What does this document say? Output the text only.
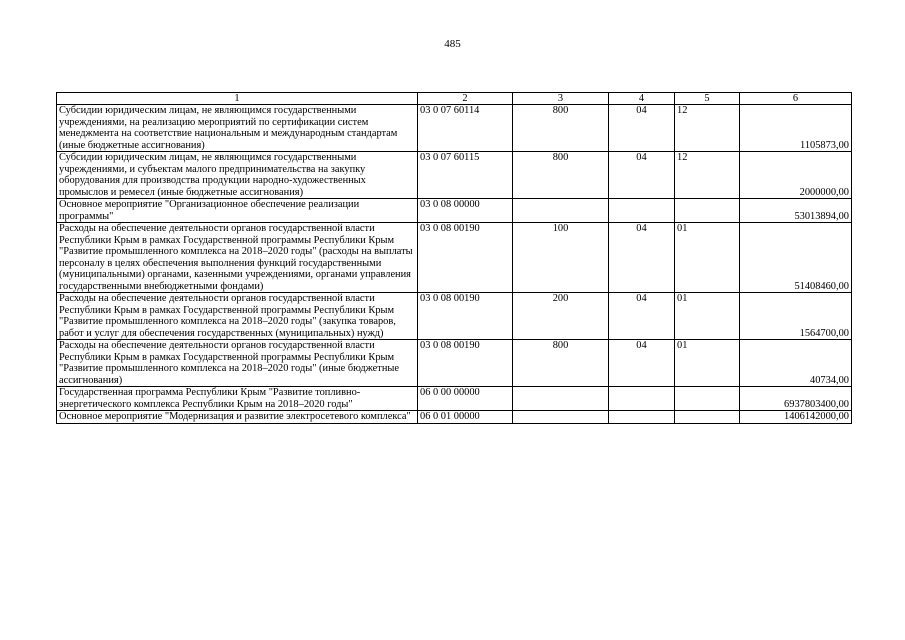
485
1	2	3	4	5	6
Субсидии юридическим лицам, не являющимся государственными учреждениями, на реализацию мероприятий по сертификации систем менеджмента на соответствие национальным и международным стандартам (иные бюджетные ассигнования)	03 0 07 60114	800	04	12	1105873,00
Субсидии юридическим лицам, не являющимся государственными учреждениями, и субъектам малого предпринимательства на закупку оборудования для производства продукции народно-художественных промыслов и ремесел (иные бюджетные ассигнования)	03 0 07 60115	800	04	12	2000000,00
Основное мероприятие "Организационное обеспечение реализации программы"	03 0 08 00000				53013894,00
Расходы на обеспечение деятельности органов государственной власти Республики Крым в рамках Государственной программы Республики Крым "Развитие промышленного комплекса на 2018–2020 годы" (расходы на выплаты персоналу в целях обеспечения выполнения функций государственными (муниципальными) органами, казенными учреждениями, органами управления государственными внебюджетными фондами)	03 0 08 00190	100	04	01	51408460,00
Расходы на обеспечение деятельности органов государственной власти Республики Крым в рамках Государственной программы Республики Крым "Развитие промышленного комплекса на 2018–2020 годы" (закупка товаров, работ и услуг для обеспечения государственных (муниципальных) нужд)	03 0 08 00190	200	04	01	1564700,00
Расходы на обеспечение деятельности органов государственной власти Республики Крым в рамках Государственной программы Республики Крым "Развитие промышленного комплекса на 2018–2020 годы" (иные бюджетные ассигнования)	03 0 08 00190	800	04	01	40734,00
Государственная программа Республики Крым "Развитие топливно-энергетического комплекса Республики Крым на 2018–2020 годы"	06 0 00 00000				6937803400,00
Основное мероприятие "Модернизация и развитие электросетевого комплекса"	06 0 01 00000				1406142000,00
